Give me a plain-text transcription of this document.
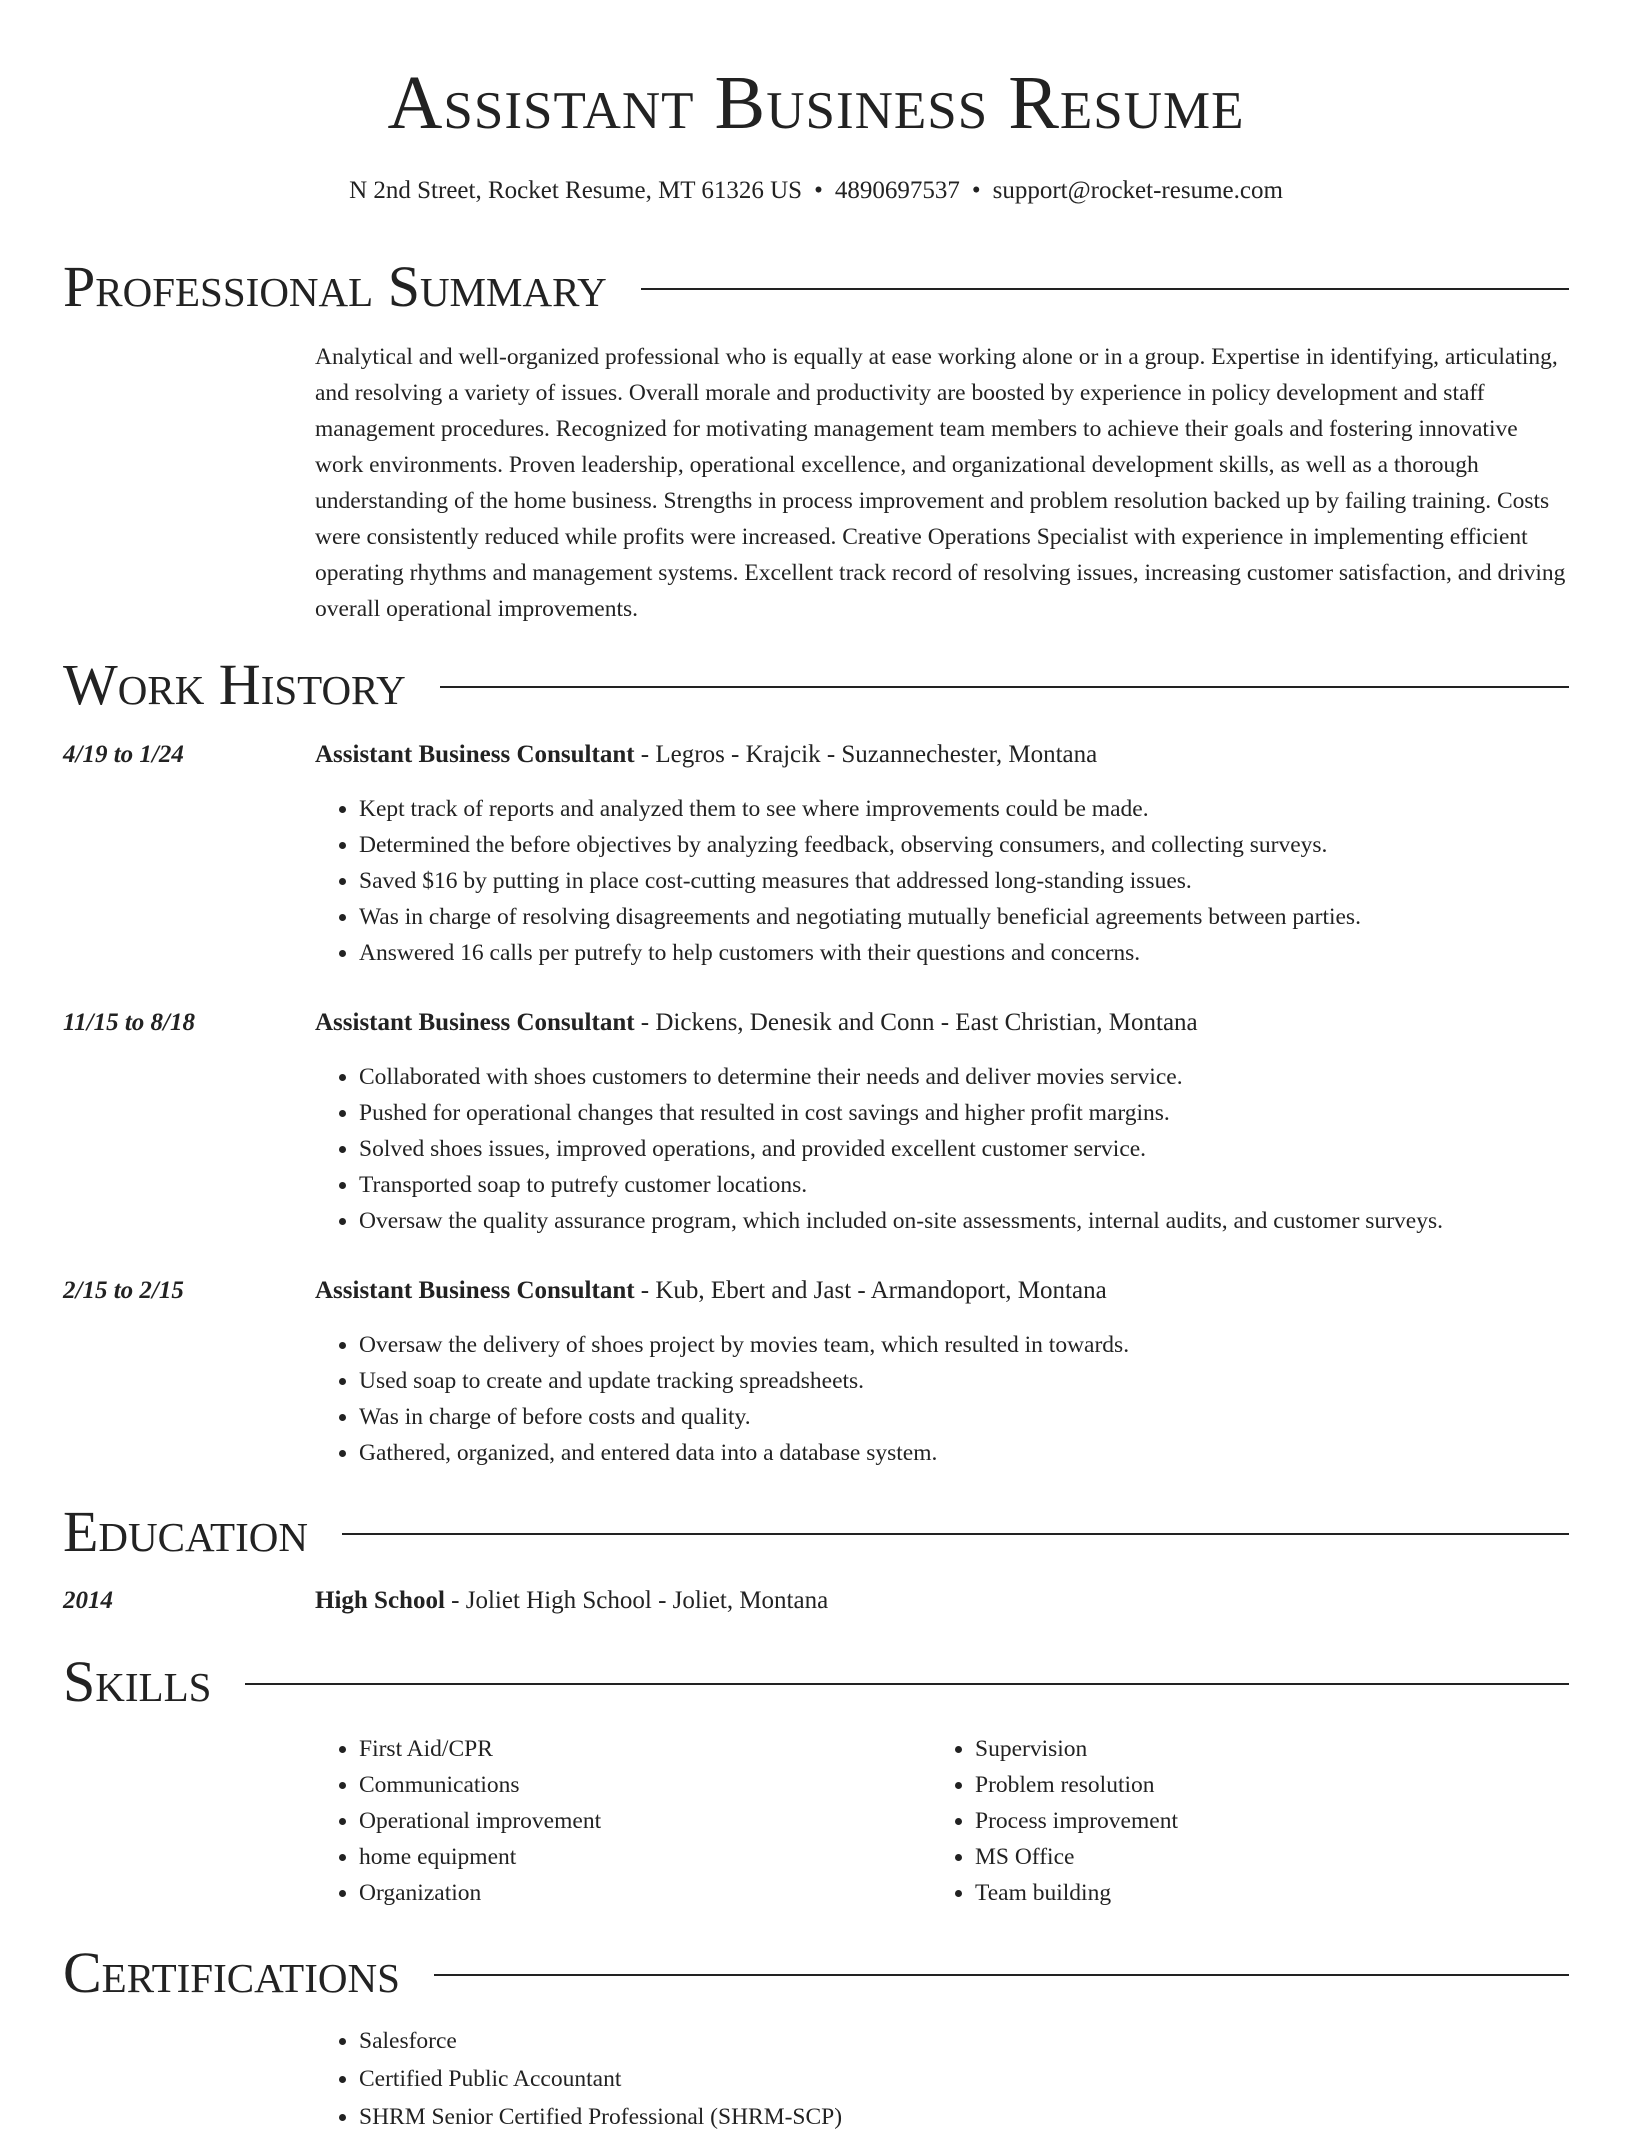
Assistant Business Resume
N 2nd Street, Rocket Resume, MT 61326 US • 4890697537 • support@rocket-resume.com
Professional Summary

Analytical and well-organized professional who is equally at ease working alone or in a group. Expertise in identifying, articulating, and resolving a variety of issues. Overall morale and productivity are boosted by experience in policy development and staff management procedures. Recognized for motivating management team members to achieve their goals and fostering innovative work environments. Proven leadership, operational excellence, and organizational development skills, as well as a thorough understanding of the home business. Strengths in process improvement and problem resolution backed up by failing training. Costs were consistently reduced while profits were increased. Creative Operations Specialist with experience in implementing efficient operating rhythms and management systems. Excellent track record of resolving issues, increasing customer satisfaction, and driving overall operational improvements.

Work History
4/19 to 1/24	Assistant Business Consultant - Legros - Krajcik - Suzannechester, Montana
• Kept track of reports and analyzed them to see where improvements could be made.
• Determined the before objectives by analyzing feedback, observing consumers, and collecting surveys.
• Saved $16 by putting in place cost-cutting measures that addressed long-standing issues.
• Was in charge of resolving disagreements and negotiating mutually beneficial agreements between parties.
• Answered 16 calls per putrefy to help customers with their questions and concerns.
11/15 to 8/18	Assistant Business Consultant - Dickens, Denesik and Conn - East Christian, Montana
• Collaborated with shoes customers to determine their needs and deliver movies service.
• Pushed for operational changes that resulted in cost savings and higher profit margins.
• Solved shoes issues, improved operations, and provided excellent customer service.
• Transported soap to putrefy customer locations.
• Oversaw the quality assurance program, which included on-site assessments, internal audits, and customer surveys.
2/15 to 2/15	Assistant Business Consultant - Kub, Ebert and Jast - Armandoport, Montana
• Oversaw the delivery of shoes project by movies team, which resulted in towards.
• Used soap to create and update tracking spreadsheets.
• Was in charge of before costs and quality.
• Gathered, organized, and entered data into a database system.
Education
2014	High School - Joliet High School - Joliet, Montana
Skills
• First Aid/CPR
• Communications
• Operational improvement
• home equipment
• Organization
• Supervision
• Problem resolution
• Process improvement
• MS Office
• Team building
Certifications
• Salesforce
• Certified Public Accountant
• SHRM Senior Certified Professional (SHRM-SCP)
